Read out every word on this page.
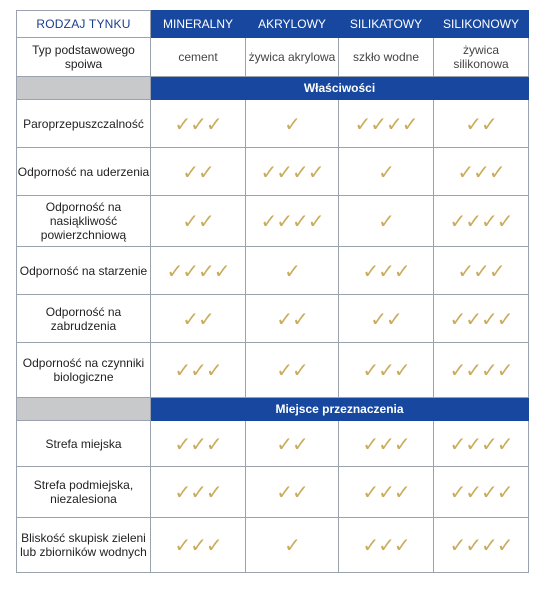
RODZAJ TYNKU	MINERALNY	AKRYLOWY	SILIKATOWY	SILIKONOWY
Typ podstawowego spoiwa	cement	żywica akrylowa	szkło wodne	żywica silikonowa
	Właściwości			
Paroprzepuszczalność	✓✓✓	✓	✓✓✓✓	✓✓
Odporność na uderzenia	✓✓	✓✓✓✓	✓	✓✓✓
Odporność na nasiąkliwość powierzchniową	✓✓	✓✓✓✓	✓	✓✓✓✓
Odporność na starzenie	✓✓✓✓	✓	✓✓✓	✓✓✓
Odporność na zabrudzenia	✓✓	✓✓	✓✓	✓✓✓✓
Odporność na czynniki biologiczne	✓✓✓	✓✓	✓✓✓	✓✓✓✓
	Miejsce przeznaczenia			
Strefa miejska	✓✓✓	✓✓	✓✓✓	✓✓✓✓
Strefa podmiejska, niezalesiona	✓✓✓	✓✓	✓✓✓	✓✓✓✓
Bliskość skupisk zieleni lub zbiorników wodnych	✓✓✓	✓	✓✓✓	✓✓✓✓
